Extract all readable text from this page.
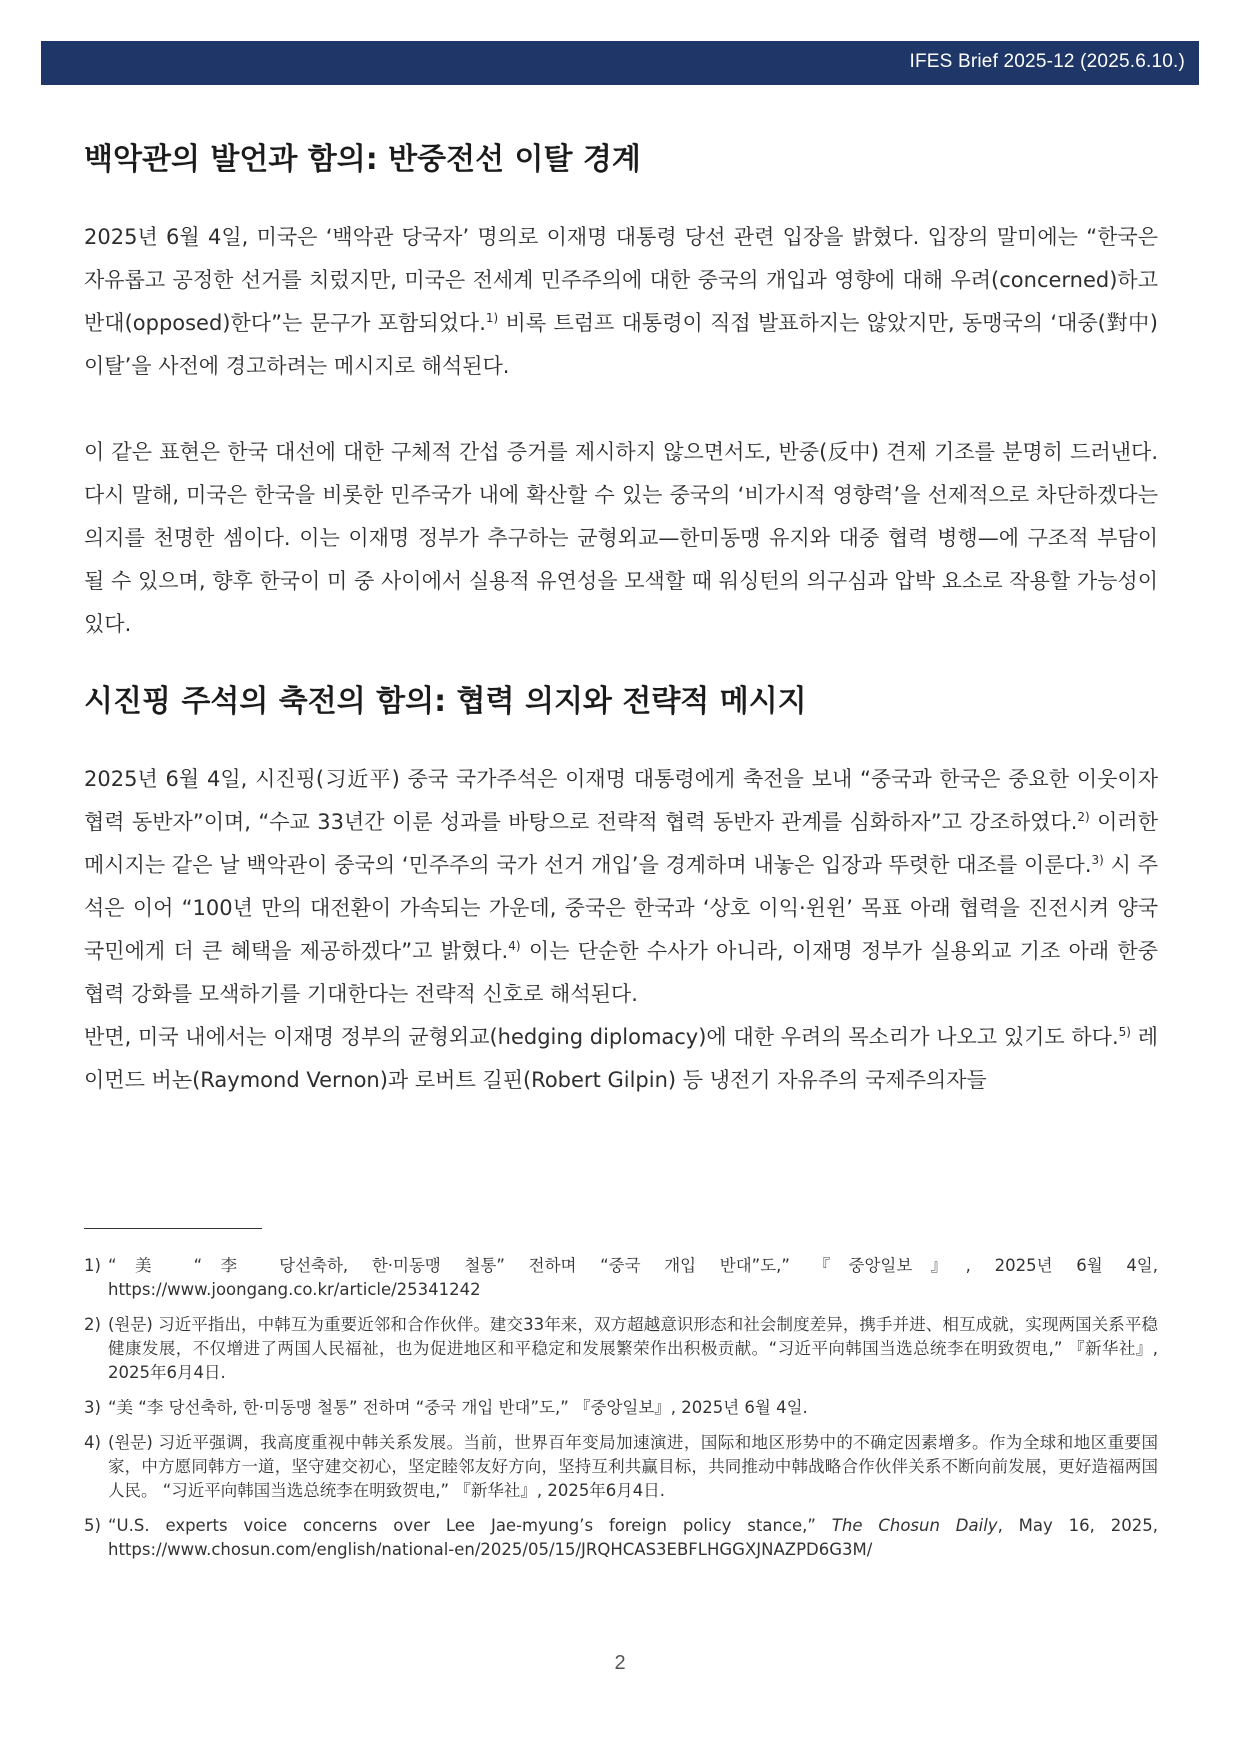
IFES Brief 2025-12 (2025.6.10.)
백악관의 발언과 함의: 반중전선 이탈 경계

2025년 6월 4일, 미국은 ‘백악관 당국자’ 명의로 이재명 대통령 당선 관련 입장을 밝혔다. 입장의 말미에는 “한국은 자유롭고 공정한 선거를 치렀지만, 미국은 전세계 민주주의에 대한 중국의 개입과 영향에 대해 우려(concerned)하고 반대(opposed)한다”는 문구가 포함되었다.$^{1)}$ 비록 트럼프 대통령이 직접 발표하지는 않았지만, 동맹국의 ‘대중(對中) 이탈’을 사전에 경고하려는 메시지로 해석된다.

이 같은 표현은 한국 대선에 대한 구체적 간섭 증거를 제시하지 않으면서도, 반중(反中) 견제 기조를 분명히 드러낸다. 다시 말해, 미국은 한국을 비롯한 민주국가 내에 확산할 수 있는 중국의 ‘비가시적 영향력’을 선제적으로 차단하겠다는 의지를 천명한 셈이다. 이는 이재명 정부가 추구하는 균형외교—한미동맹 유지와 대중 협력 병행—에 구조적 부담이 될 수 있으며, 향후 한국이 미 중 사이에서 실용적 유연성을 모색할 때 워싱턴의 의구심과 압박 요소로 작용할 가능성이 있다.

시진핑 주석의 축전의 함의: 협력 의지와 전략적 메시지

2025년 6월 4일, 시진핑(习近平) 중국 국가주석은 이재명 대통령에게 축전을 보내 “중국과 한국은 중요한 이웃이자 협력 동반자”이며, “수교 33년간 이룬 성과를 바탕으로 전략적 협력 동반자 관계를 심화하자”고 강조하였다.$^{2)}$ 이러한 메시지는 같은 날 백악관이 중국의 ‘민주주의 국가 선거 개입’을 경계하며 내놓은 입장과 뚜렷한 대조를 이룬다.$^{3)}$ 시 주석은 이어 “100년 만의 대전환이 가속되는 가운데, 중국은 한국과 ‘상호 이익·윈윈’ 목표 아래 협력을 진전시켜 양국 국민에게 더 큰 혜택을 제공하겠다”고 밝혔다.$^{4)}$ 이는 단순한 수사가 아니라, 이재명 정부가 실용외교 기조 아래 한중 협력 강화를 모색하기를 기대한다는 전략적 신호로 해석된다.

반면, 미국 내에서는 이재명 정부의 균형외교(hedging diplomacy)에 대한 우려의 목소리가 나오고 있기도 하다.$^{5)}$ 레이먼드 버논(Raymond Vernon)과 로버트 길핀(Robert Gilpin) 등 냉전기 자유주의 국제주의자들

1) “美 “李 당선축하, 한·미동맹 철통” 전하며 “중국 개입 반대”도,” 『중앙일보』, 2025년 6월 4일, https://www.joongang.co.kr/article/25341242
2) (원문) 习近平指出，中韩互为重要近邻和合作伙伴。建交33年来，双方超越意识形态和社会制度差异，携手并进、相互成就，实现两国关系平稳健康发展，不仅增进了两国人民福祉，也为促进地区和平稳定和发展繁荣作出积极贡献。“习近平向韩国当选总统李在明致贺电,” 『新华社』, 2025年6月4日.
3) “美 “李 당선축하, 한·미동맹 철통” 전하며 “중국 개입 반대”도,” 『중앙일보』, 2025년 6월 4일.
4) (원문) 习近平强调，我高度重视中韩关系发展。当前，世界百年变局加速演进，国际和地区形势中的不确定因素增多。作为全球和地区重要国家，中方愿同韩方一道，坚守建交初心，坚定睦邻友好方向，坚持互利共赢目标，共同推动中韩战略合作伙伴关系不断向前发展，更好造福两国人民。 “习近平向韩国当选总统李在明致贺电,” 『新华社』, 2025年6月4日.
5) “U.S. experts voice concerns over Lee Jae-myung’s foreign policy stance,” The Chosun Daily, May 16, 2025, https://www.chosun.com/english/national-en/2025/05/15/JRQHCAS3EBFLHGGXJNAZPD6G3M/
2
